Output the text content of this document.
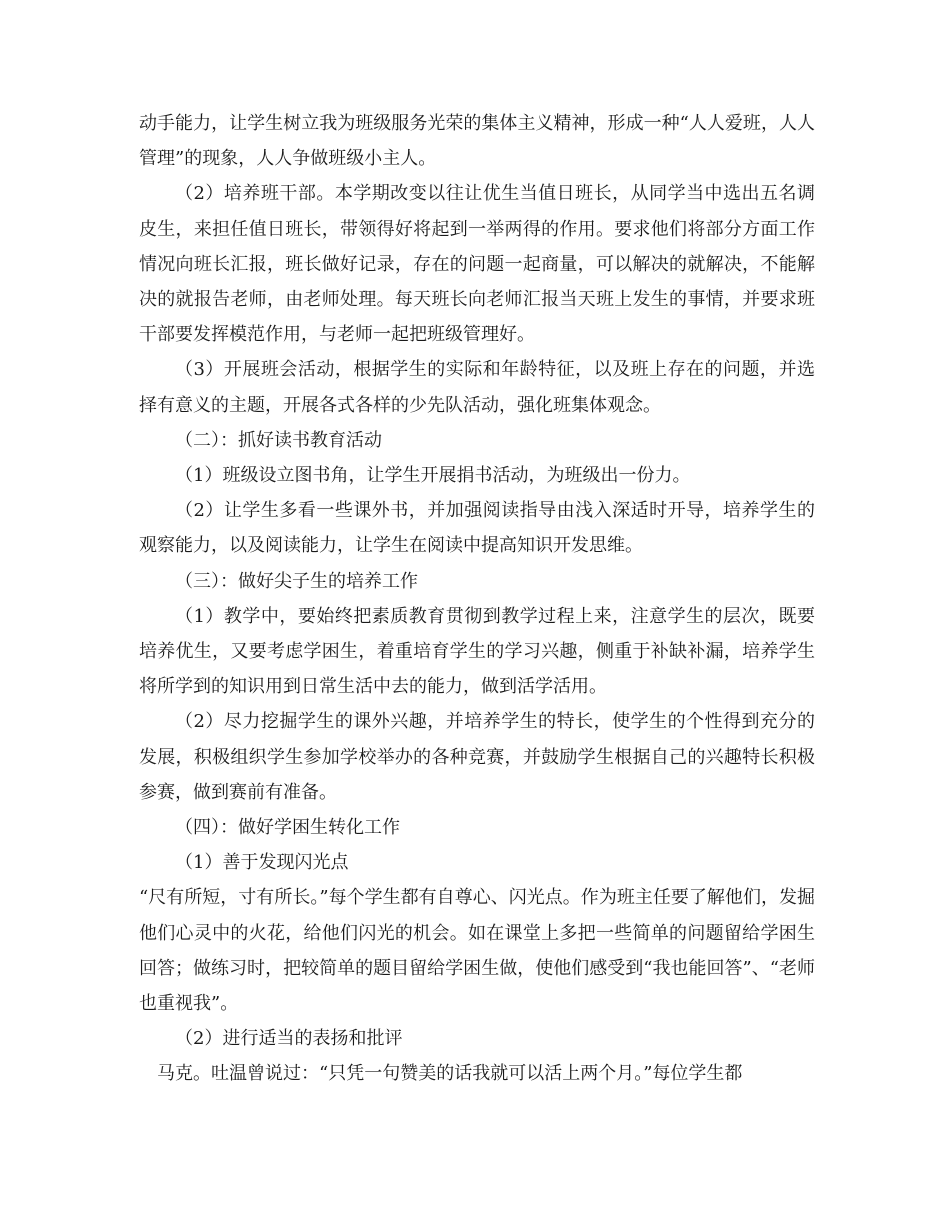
动手能力，让学生树立我为班级服务光荣的集体主义精神，形成一种“人人爱班，人人管理”的现象，人人争做班级小主人。

（2）培养班干部。本学期改变以往让优生当值日班长，从同学当中选出五名调皮生，来担任值日班长，带领得好将起到一举两得的作用。要求他们将部分方面工作情况向班长汇报，班长做好记录，存在的问题一起商量，可以解决的就解决，不能解决的就报告老师，由老师处理。每天班长向老师汇报当天班上发生的事情，并要求班干部要发挥模范作用，与老师一起把班级管理好。

（3）开展班会活动，根据学生的实际和年龄特征，以及班上存在的问题，并选择有意义的主题，开展各式各样的少先队活动，强化班集体观念。

（二）：抓好读书教育活动

（1）班级设立图书角，让学生开展捐书活动，为班级出一份力。

（2）让学生多看一些课外书，并加强阅读指导由浅入深适时开导，培养学生的观察能力，以及阅读能力，让学生在阅读中提高知识开发思维。

（三）：做好尖子生的培养工作

（1）教学中，要始终把素质教育贯彻到教学过程上来，注意学生的层次，既要培养优生，又要考虑学困生，着重培育学生的学习兴趣，侧重于补缺补漏，培养学生将所学到的知识用到日常生活中去的能力，做到活学活用。

（2）尽力挖掘学生的课外兴趣，并培养学生的特长，使学生的个性得到充分的发展，积极组织学生参加学校举办的各种竞赛，并鼓励学生根据自己的兴趣特长积极参赛，做到赛前有准备。

（四）：做好学困生转化工作

（1）善于发现闪光点

“尺有所短，寸有所长。”每个学生都有自尊心、闪光点。作为班主任要了解他们，发掘他们心灵中的火花，给他们闪光的机会。如在课堂上多把一些简单的问题留给学困生回答；做练习时，把较简单的题目留给学困生做，使他们感受到“我也能回答”、“老师也重视我”。

（2）进行适当的表扬和批评

马克。吐温曾说过：“只凭一句赞美的话我就可以活上两个月。”每位学生都
